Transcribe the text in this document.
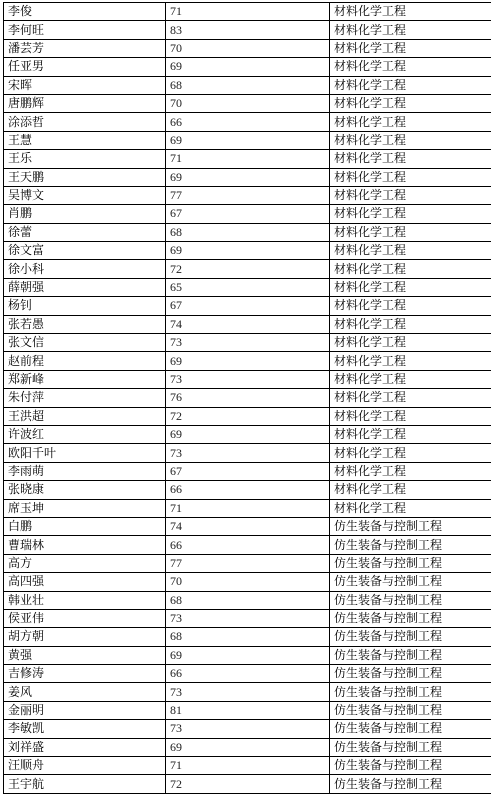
李俊	71	材料化学工程
李何旺	83	材料化学工程
潘芸芳	70	材料化学工程
任亚男	69	材料化学工程
宋晖	68	材料化学工程
唐鹏辉	70	材料化学工程
涂添哲	66	材料化学工程
王慧	69	材料化学工程
王乐	71	材料化学工程
王天鹏	69	材料化学工程
吴博文	77	材料化学工程
肖鹏	67	材料化学工程
徐蕾	68	材料化学工程
徐文富	69	材料化学工程
徐小科	72	材料化学工程
薛朝强	65	材料化学工程
杨钊	67	材料化学工程
张若愚	74	材料化学工程
张文信	73	材料化学工程
赵前程	69	材料化学工程
郑新峰	73	材料化学工程
朱付萍	76	材料化学工程
王洪超	72	材料化学工程
许波红	69	材料化学工程
欧阳千叶	73	材料化学工程
李雨萌	67	材料化学工程
张晓康	66	材料化学工程
席玉坤	71	材料化学工程
白鹏	74	仿生装备与控制工程
曹瑞林	66	仿生装备与控制工程
高方	77	仿生装备与控制工程
高四强	70	仿生装备与控制工程
韩业壮	68	仿生装备与控制工程
侯亚伟	73	仿生装备与控制工程
胡方朝	68	仿生装备与控制工程
黄强	69	仿生装备与控制工程
吉修涛	66	仿生装备与控制工程
姜风	73	仿生装备与控制工程
金丽明	81	仿生装备与控制工程
李敏凯	73	仿生装备与控制工程
刘祥盛	69	仿生装备与控制工程
汪顺舟	71	仿生装备与控制工程
王宇航	72	仿生装备与控制工程
